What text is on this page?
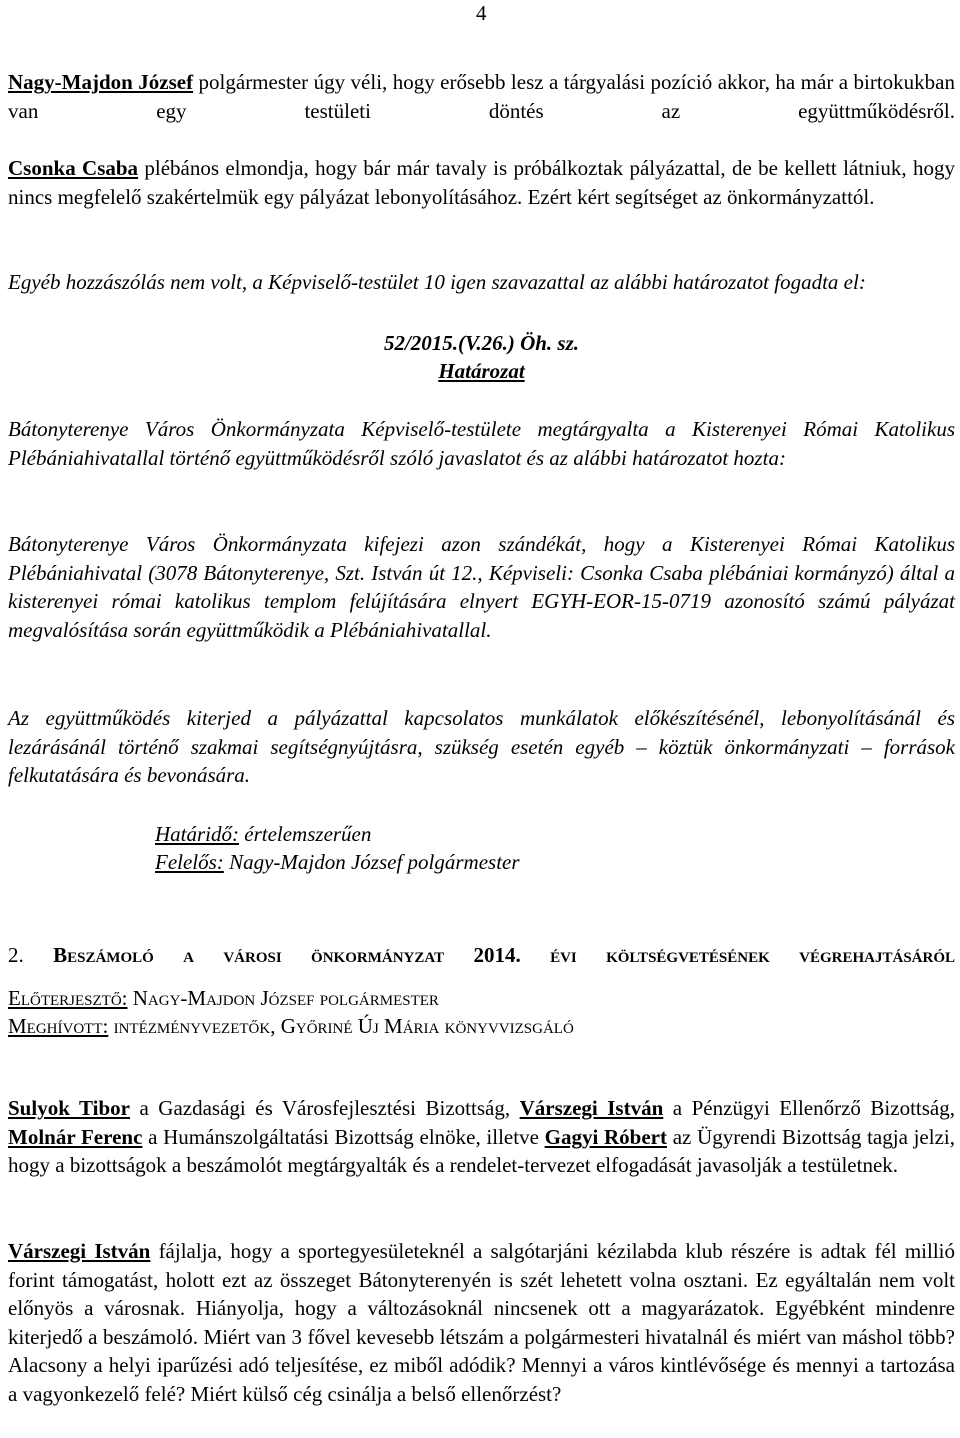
4

Nagy-Majdon József polgármester úgy véli, hogy erősebb lesz a tárgyalási pozíció akkor, ha már a birtokukban van egy testületi döntés az együttműködésről.

Csonka Csaba plébános elmondja, hogy bár már tavaly is próbálkoztak pályázattal, de be kellett látniuk, hogy nincs megfelelő szakértelmük egy pályázat lebonyolításához. Ezért kért segítséget az önkormányzattól.

Egyéb hozzászólás nem volt, a Képviselő-testület 10 igen szavazattal az alábbi határozatot fogadta el:

52/2015.(V.26.) Öh. sz.
Határozat

Bátonyterenye Város Önkormányzata Képviselő-testülete megtárgyalta a Kisterenyei Római Katolikus Plébániahivatallal történő együttműködésről szóló javaslatot és az alábbi határozatot hozta:

Bátonyterenye Város Önkormányzata kifejezi azon szándékát, hogy a Kisterenyei Római Katolikus Plébániahivatal (3078 Bátonyterenye, Szt. István út 12., Képviseli: Csonka Csaba plébániai kormányzó) által a kisterenyei római katolikus templom felújítására elnyert EGYH-EOR-15-0719 azonosító számú pályázat megvalósítása során együttműködik a Plébániahivatallal.

Az együttműködés kiterjed a pályázattal kapcsolatos munkálatok előkészítésénél, lebonyolításánál és lezárásánál történő szakmai segítségnyújtásra, szükség esetén egyéb – köztük önkormányzati – források felkutatására és bevonására.

Határidő: értelemszerűen
Felelős: Nagy-Majdon József polgármester
2. Beszámoló a városi önkormányzat 2014. évi költségvetésének végrehajtásáról
Előterjesztő: Nagy-Majdon József polgármester
Meghívott: intézményvezetők, Győriné Új Mária könyvvizsgáló

Sulyok Tibor a Gazdasági és Városfejlesztési Bizottság, Várszegi István a Pénzügyi Ellenőrző Bizottság, Molnár Ferenc a Humánszolgáltatási Bizottság elnöke, illetve Gagyi Róbert az Ügyrendi Bizottság tagja jelzi, hogy a bizottságok a beszámolót megtárgyalták és a rendelet-tervezet elfogadását javasolják a testületnek.

Várszegi István fájlalja, hogy a sportegyesületeknél a salgótarjáni kézilabda klub részére is adtak fél millió forint támogatást, holott ezt az összeget Bátonyterenyén is szét lehetett volna osztani. Ez egyáltalán nem volt előnyös a városnak. Hiányolja, hogy a változásoknál nincsenek ott a magyarázatok. Egyébként mindenre kiterjedő a beszámoló. Miért van 3 fővel kevesebb létszám a polgármesteri hivatalnál és miért van máshol több? Alacsony a helyi iparűzési adó teljesítése, ez miből adódik? Mennyi a város kintlévősége és mennyi a tartozása a vagyonkezelő felé? Miért külső cég csinálja a belső ellenőrzést?
